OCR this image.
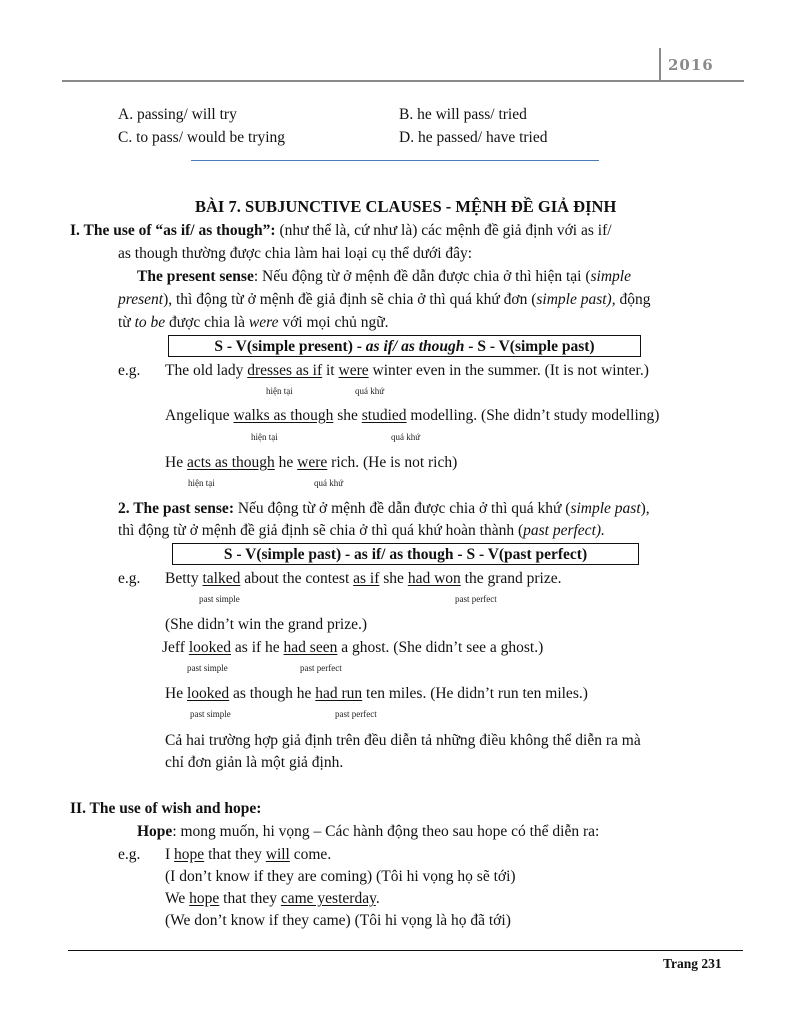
2016
A. passing/ will try	B. he will pass/ tried
C. to pass/ would be trying	D. he passed/ have tried
BÀI 7. SUBJUNCTIVE CLAUSES - MỆNH ĐỀ GIẢ ĐỊNH
I. The use of “as if/ as though”: (như thể là, cứ như là) các mệnh đề giả định với as if/
as though thường được chia làm hai loại cụ thể dưới đây:
The present sense: Nếu động từ ở mệnh đề dẫn được chia ở thì hiện tại (simple
present), thì động từ ở mệnh đề giả định sẽ chia ở thì quá khứ đơn (simple past), động
từ to be được chia là were với mọi chủ ngữ.
S - V(simple present) - as if/ as though - S - V(simple past)
e.g. The old lady dresses as if it were winter even in the summer. (It is not winter.)
hiện tại	quá khứ
Angelique walks as though she studied modelling. (She didn’t study modelling)
hiện tại	quá khứ
He acts as though he were rich. (He is not rich)
hiện tại	quá khứ
2. The past sense: Nếu động từ ở mệnh đề dẫn được chia ở thì quá khứ (simple past),
thì động từ ở mệnh đề giả định sẽ chia ở thì quá khứ hoàn thành (past perfect).
S - V(simple past) - as if/ as though - S - V(past perfect)
e.g. Betty talked about the contest as if she had won the grand prize.
past simple	past perfect
(She didn’t win the grand prize.)
Jeff looked as if he had seen a ghost. (She didn’t see a ghost.)
past simple	past perfect
He looked as though he had run ten miles. (He didn’t run ten miles.)
past simple	past perfect
Cả hai trường hợp giả định trên đều diễn tả những điều không thể diễn ra mà
chỉ đơn giản là một giả định.
II. The use of wish and hope:
Hope: mong muốn, hi vọng – Các hành động theo sau hope có thể diễn ra:
e.g. I hope that they will come.
(I don’t know if they are coming) (Tôi hi vọng họ sẽ tới)
We hope that they came yesterday.
(We don’t know if they came) (Tôi hi vọng là họ đã tới)
Trang 231
